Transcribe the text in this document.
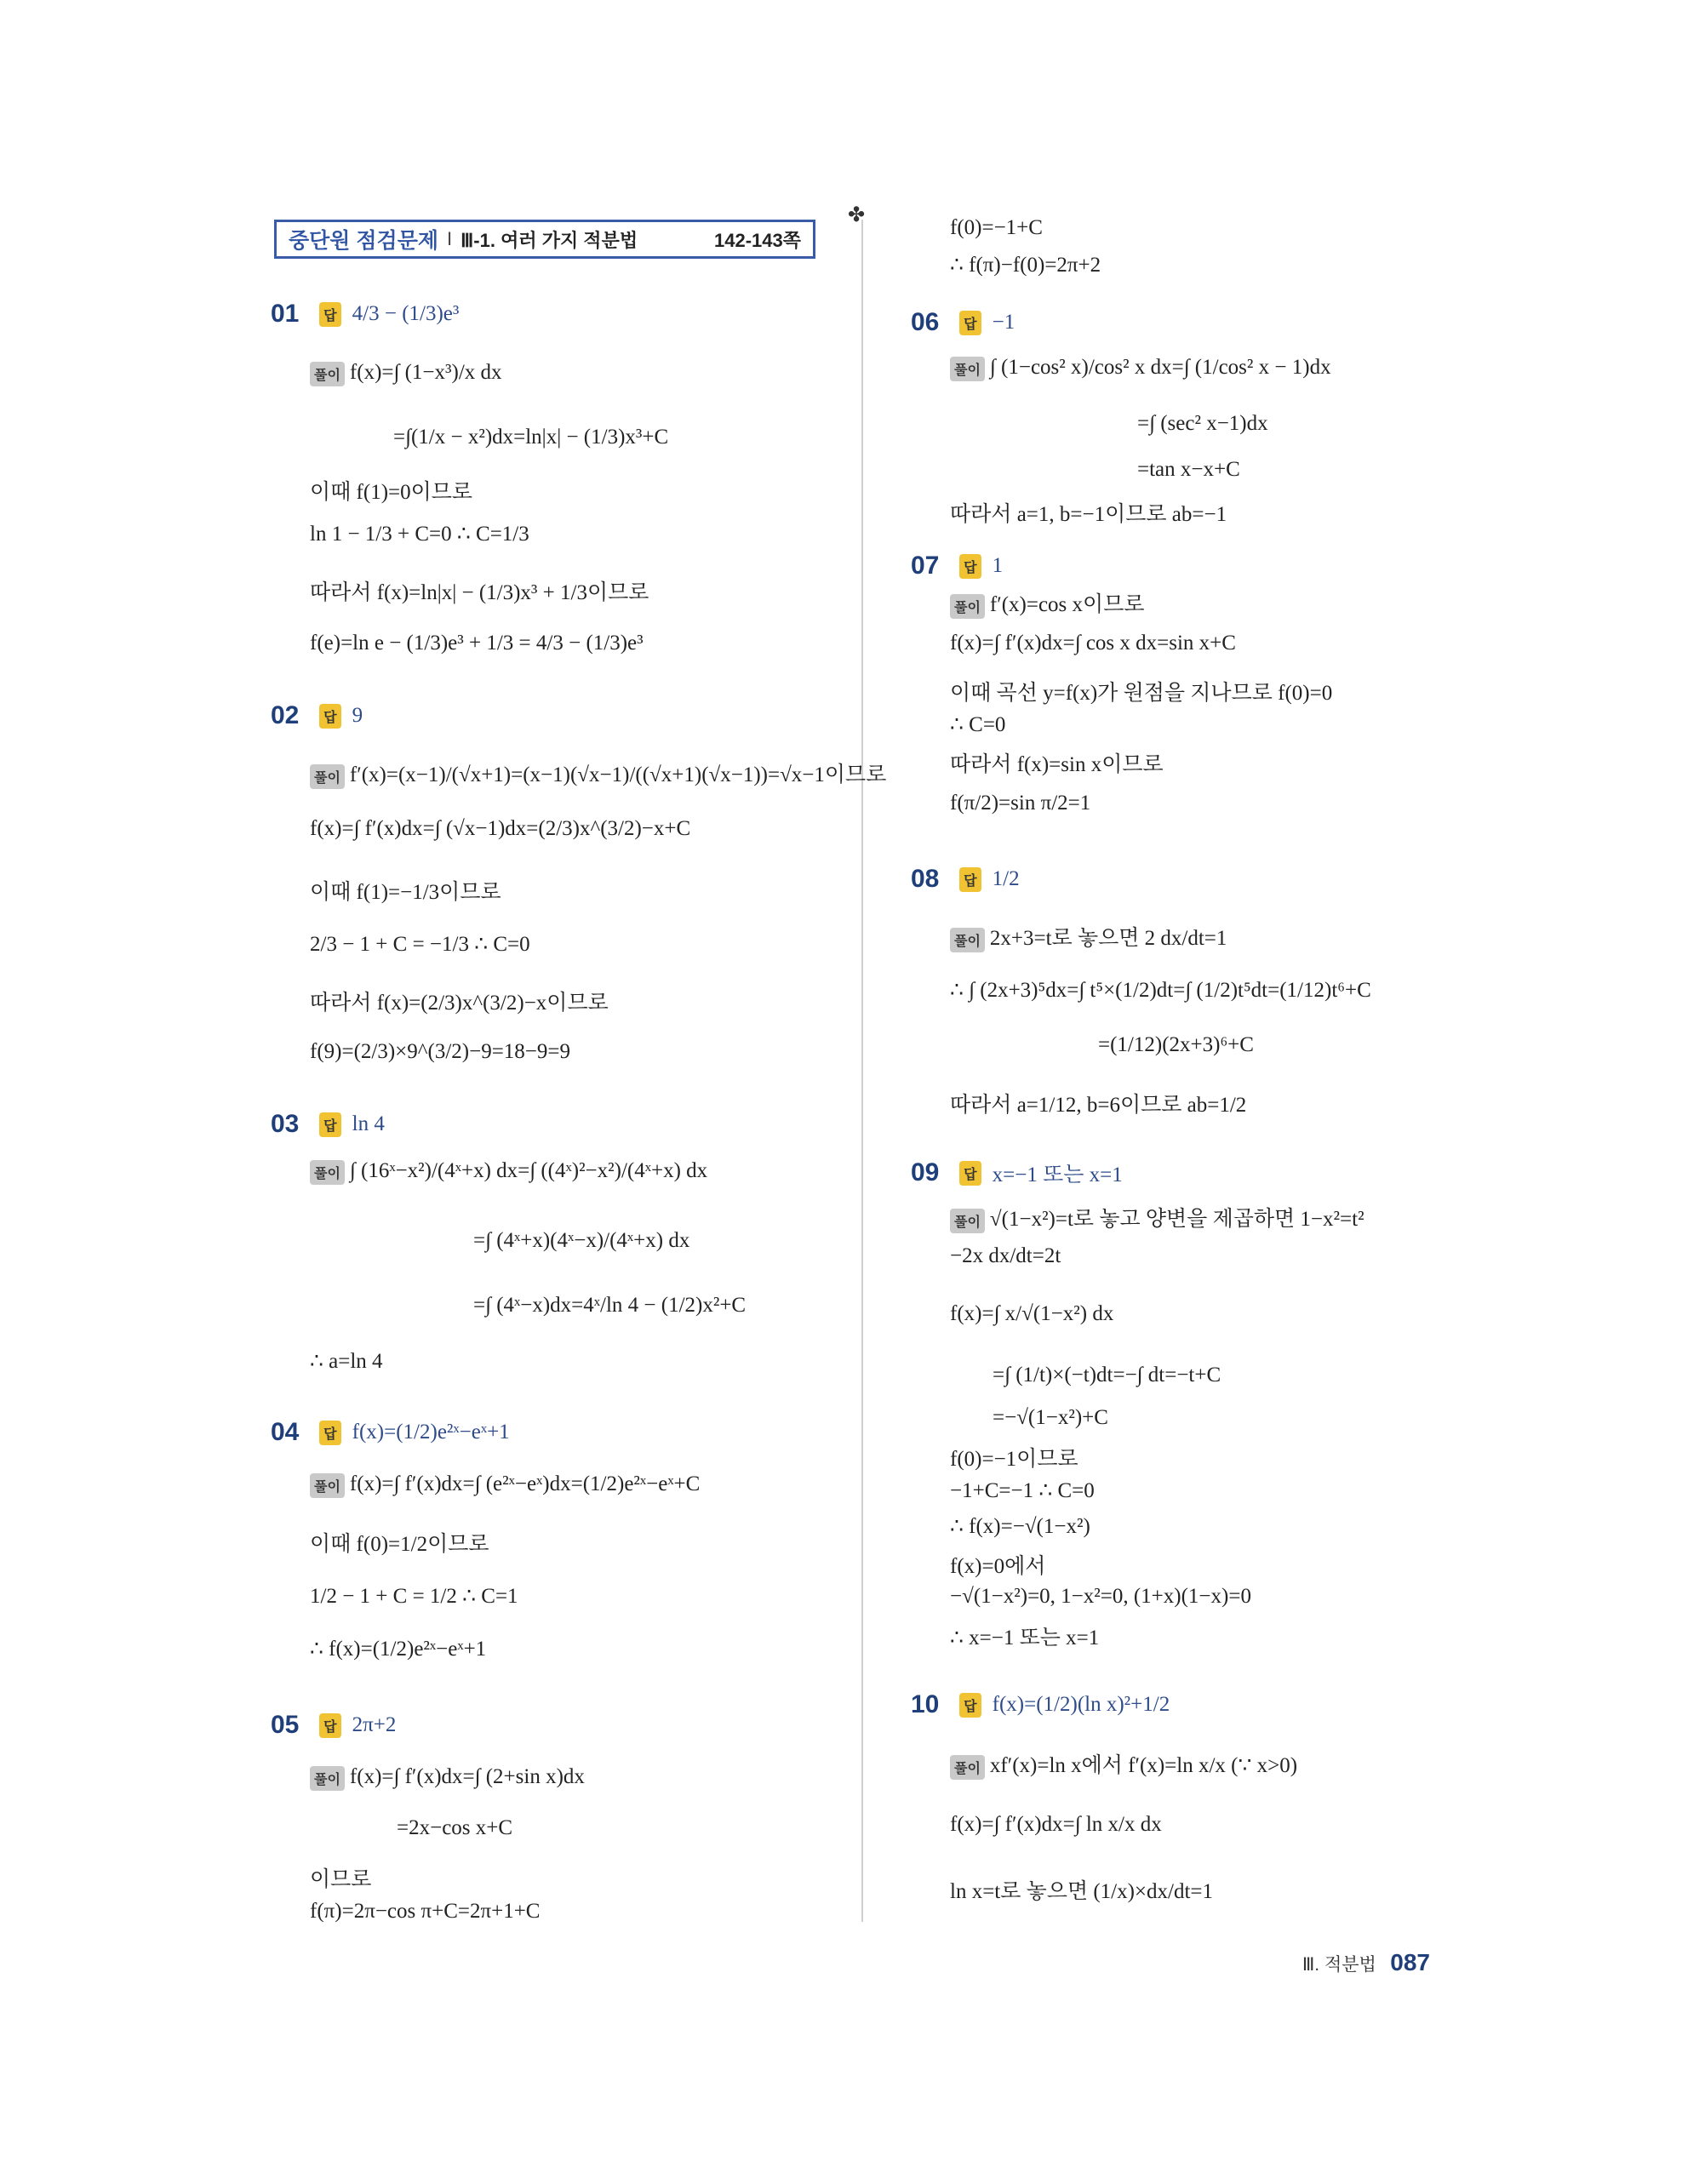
중단원 점검문제 I Ⅲ-1. 여러 가지 적분법	142-143쪽
✤
01 답 4/3 − (1/3)e³
풀이 f(x)=∫ (1−x³)/x dx
=∫(1/x − x²)dx=ln|x| − (1/3)x³+C
이때 f(1)=0이므로
ln 1 − 1/3 + C=0 ∴ C=1/3
따라서 f(x)=ln|x| − (1/3)x³ + 1/3이므로
f(e)=ln e − (1/3)e³ + 1/3 = 4/3 − (1/3)e³
02 답 9
풀이 f′(x)=(x−1)/(√x+1)=(x−1)(√x−1)/((√x+1)(√x−1))=√x−1이므로
f(x)=∫ f′(x)dx=∫ (√x−1)dx=(2/3)x^(3/2)−x+C
이때 f(1)=−1/3이므로
2/3 − 1 + C = −1/3 ∴ C=0
따라서 f(x)=(2/3)x^(3/2)−x이므로
f(9)=(2/3)×9^(3/2)−9=18−9=9
03 답 ln 4
풀이 ∫ (16ˣ−x²)/(4ˣ+x) dx=∫ ((4ˣ)²−x²)/(4ˣ+x) dx
=∫ (4ˣ+x)(4ˣ−x)/(4ˣ+x) dx
=∫ (4ˣ−x)dx=4ˣ/ln 4 − (1/2)x²+C
∴ a=ln 4
04 답 f(x)=(1/2)e²ˣ−eˣ+1
풀이 f(x)=∫ f′(x)dx=∫ (e²ˣ−eˣ)dx=(1/2)e²ˣ−eˣ+C
이때 f(0)=1/2이므로
1/2 − 1 + C = 1/2 ∴ C=1
∴ f(x)=(1/2)e²ˣ−eˣ+1
05 답 2π+2
풀이 f(x)=∫ f′(x)dx=∫ (2+sin x)dx
=2x−cos x+C
이므로
f(π)=2π−cos π+C=2π+1+C
f(0)=−1+C
∴ f(π)−f(0)=2π+2
06 답 −1
풀이 ∫ (1−cos² x)/cos² x dx=∫ (1/cos² x − 1)dx
=∫ (sec² x−1)dx
=tan x−x+C
따라서 a=1, b=−1이므로 ab=−1
07 답 1
풀이 f′(x)=cos x이므로
f(x)=∫ f′(x)dx=∫ cos x dx=sin x+C
이때 곡선 y=f(x)가 원점을 지나므로 f(0)=0
∴ C=0
따라서 f(x)=sin x이므로
f(π/2)=sin π/2=1
08 답 1/2
풀이 2x+3=t로 놓으면 2 dx/dt=1
∴ ∫ (2x+3)⁵dx=∫ t⁵×(1/2)dt=∫ (1/2)t⁵dt=(1/12)t⁶+C
=(1/12)(2x+3)⁶+C
따라서 a=1/12, b=6이므로 ab=1/2
09 답 x=−1 또는 x=1
풀이 √(1−x²)=t로 놓고 양변을 제곱하면 1−x²=t²
−2x dx/dt=2t
f(x)=∫ x/√(1−x²) dx
=∫ (1/t)×(−t)dt=−∫ dt=−t+C
=−√(1−x²)+C
f(0)=−1이므로
−1+C=−1 ∴ C=0
∴ f(x)=−√(1−x²)
f(x)=0에서
−√(1−x²)=0, 1−x²=0, (1+x)(1−x)=0
∴ x=−1 또는 x=1
10 답 f(x)=(1/2)(ln x)²+1/2
풀이 xf′(x)=ln x에서 f′(x)=ln x/x (∵ x>0)
f(x)=∫ f′(x)dx=∫ ln x/x dx
ln x=t로 놓으면 (1/x)×dx/dt=1
Ⅲ. 적분법 087
